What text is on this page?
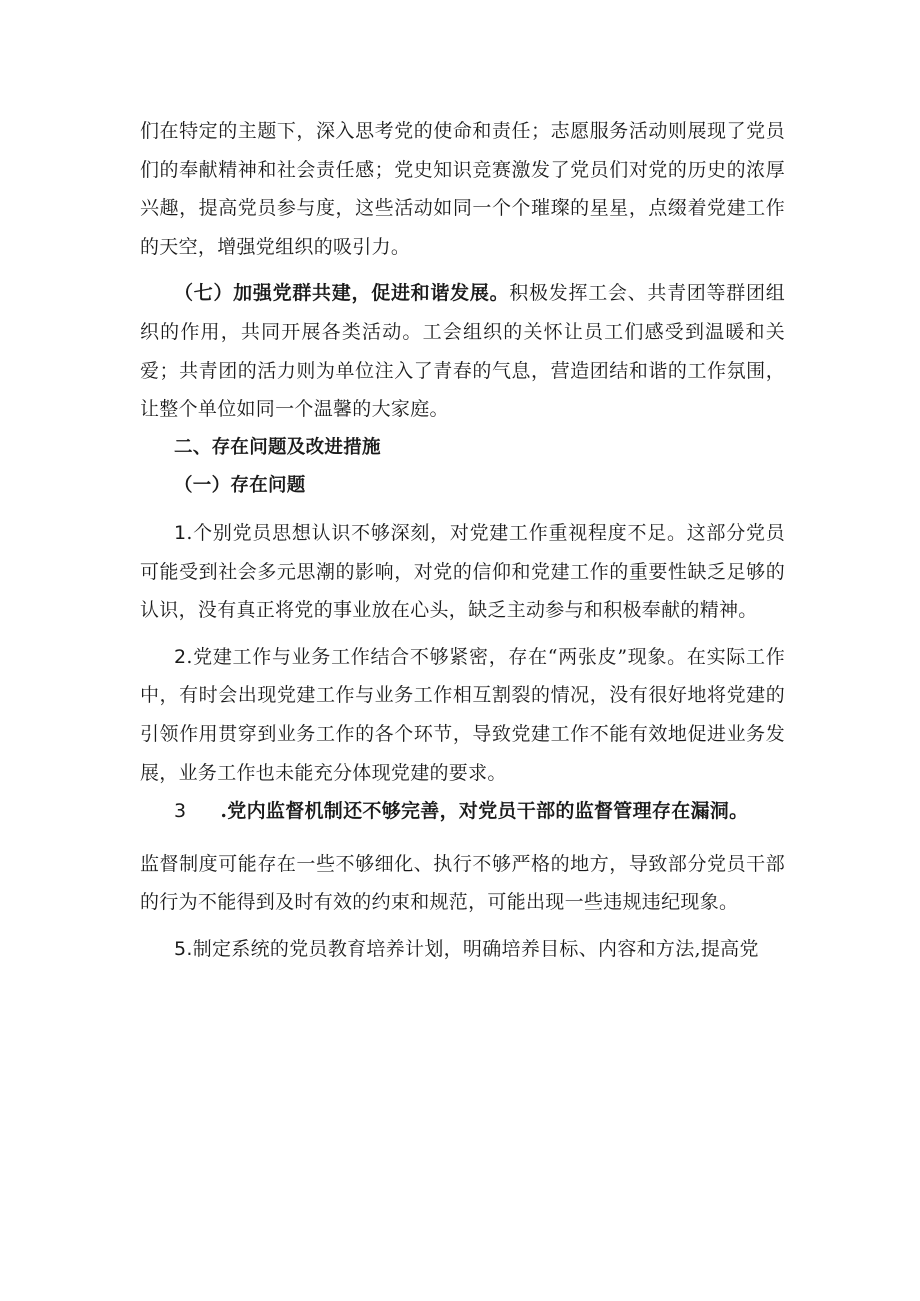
们在特定的主题下，深入思考党的使命和责任；志愿服务活动则展现了党员们的奉献精神和社会责任感；党史知识竞赛激发了党员们对党的历史的浓厚兴趣，提高党员参与度，这些活动如同一个个璀璨的星星，点缀着党建工作的天空，增强党组织的吸引力。

（七）加强党群共建，促进和谐发展。积极发挥工会、共青团等群团组织的作用，共同开展各类活动。工会组织的关怀让员工们感受到温暖和关爱；共青团的活力则为单位注入了青春的气息，营造团结和谐的工作氛围，让整个单位如同一个温馨的大家庭。

二、存在问题及改进措施

（一）存在问题

1.个别党员思想认识不够深刻，对党建工作重视程度不足。这部分党员可能受到社会多元思潮的影响，对党的信仰和党建工作的重要性缺乏足够的认识，没有真正将党的事业放在心头，缺乏主动参与和积极奉献的精神。

2.党建工作与业务工作结合不够紧密，存在“两张皮”现象。在实际工作中，有时会出现党建工作与业务工作相互割裂的情况，没有很好地将党建的引领作用贯穿到业务工作的各个环节，导致党建工作不能有效地促进业务发展，业务工作也未能充分体现党建的要求。

3 .党内监督机制还不够完善，对党员干部的监督管理存在漏洞。

监督制度可能存在一些不够细化、执行不够严格的地方，导致部分党员干部的行为不能得到及时有效的约束和规范，可能出现一些违规违纪现象。

5.制定系统的党员教育培养计划，明确培养目标、内容和方法,提高党
